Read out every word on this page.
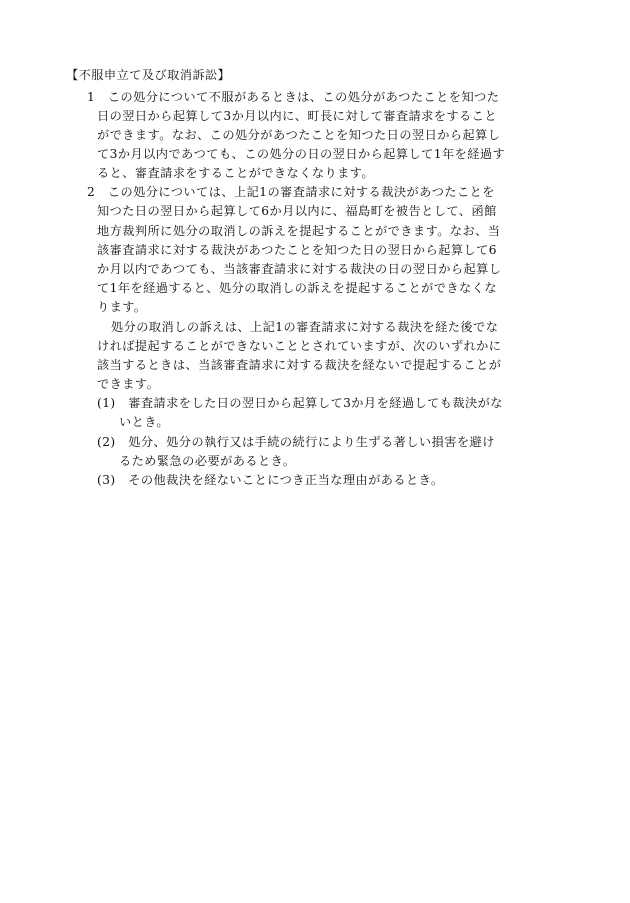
【不服申立て及び取消訴訟】
1　この処分について不服があるときは、この処分があつたことを知つた
日の翌日から起算して3か月以内に、町長に対して審査請求をすること
ができます。なお、この処分があつたことを知つた日の翌日から起算し
て3か月以内であつても、この処分の日の翌日から起算して1年を経過す
ると、審査請求をすることができなくなります。
2　この処分については、上記1の審査請求に対する裁決があつたことを
知つた日の翌日から起算して6か月以内に、福島町を被告として、函館
地方裁判所に処分の取消しの訴えを提起することができます。なお、当
該審査請求に対する裁決があつたことを知つた日の翌日から起算して6
か月以内であつても、当該審査請求に対する裁決の日の翌日から起算し
て1年を経過すると、処分の取消しの訴えを提起することができなくな
ります。
処分の取消しの訴えは、上記1の審査請求に対する裁決を経た後でな
ければ提起することができないこととされていますが、次のいずれかに
該当するときは、当該審査請求に対する裁決を経ないで提起することが
できます。
(1)　審査請求をした日の翌日から起算して3か月を経過しても裁決がな
いとき。
(2)　処分、処分の執行又は手続の続行により生ずる著しい損害を避け
るため緊急の必要があるとき。
(3)　その他裁決を経ないことにつき正当な理由があるとき。
